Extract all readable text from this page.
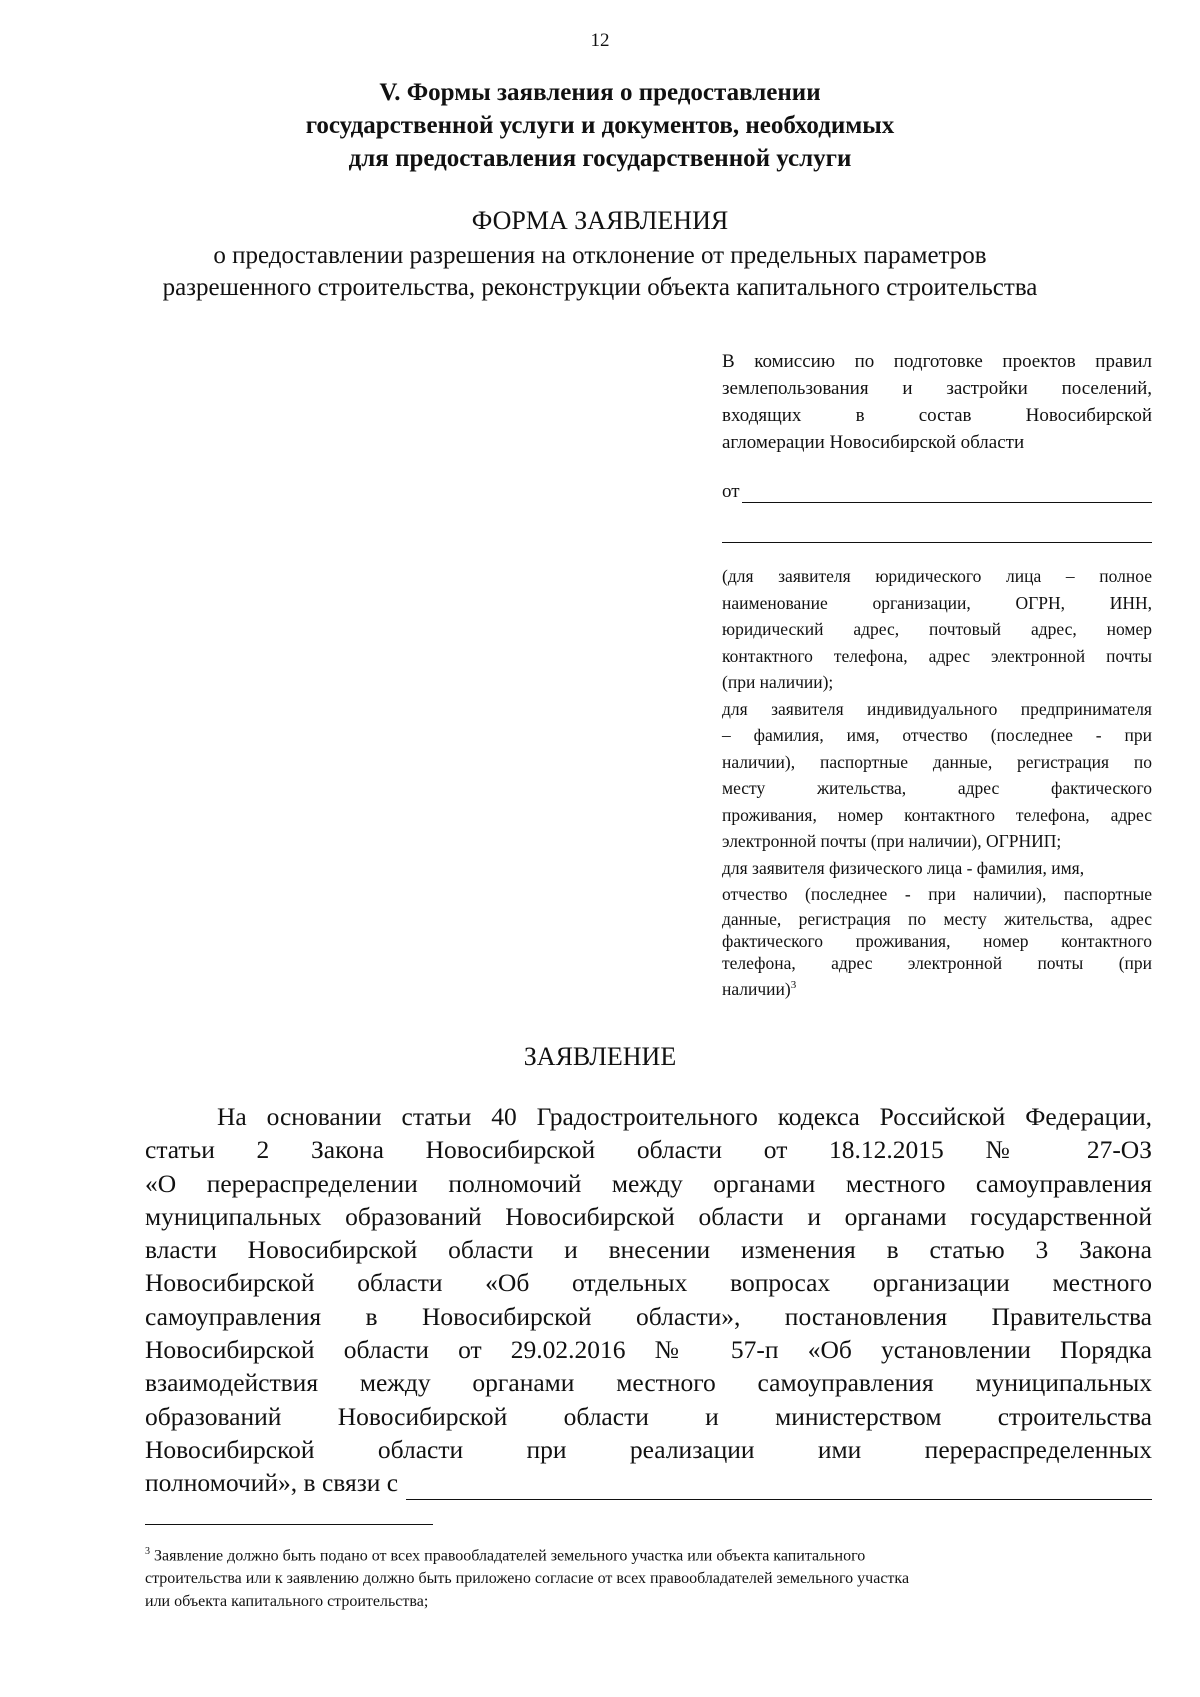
12
V. Формы заявления о предоставлении
государственной услуги и документов, необходимых
для предоставления государственной услуги
ФОРМА ЗАЯВЛЕНИЯ
о предоставлении разрешения на отклонение от предельных параметров
разрешенного строительства, реконструкции объекта капитального строительства
В комиссию по подготовке проектов правил
землепользования и застройки поселений,
входящих в состав Новосибирской
агломерации Новосибирской области
от
(для заявителя юридического лица – полное
наименование организации, ОГРН, ИНН,
юридический адрес, почтовый адрес, номер
контактного телефона, адрес электронной почты
(при наличии);
для заявителя индивидуального предпринимателя
– фамилия, имя, отчество (последнее - при
наличии), паспортные данные, регистрация по
месту жительства, адрес фактического
проживания, номер контактного телефона, адрес
электронной почты (при наличии), ОГРНИП;
для заявителя физического лица - фамилия, имя,
отчество (последнее - при наличии), паспортные
данные, регистрация по месту жительства, адрес
фактического проживания, номер контактного
телефона, адрес электронной почты (при
наличии)$^3$
ЗАЯВЛЕНИЕ
На основании статьи 40 Градостроительного кодекса Российской Федерации,
статьи 2 Закона Новосибирской области от 18.12.2015 № 27-ОЗ
«О перераспределении полномочий между органами местного самоуправления
муниципальных образований Новосибирской области и органами государственной
власти Новосибирской области и внесении изменения в статью 3 Закона
Новосибирской области «Об отдельных вопросах организации местного
самоуправления в Новосибирской области», постановления Правительства
Новосибирской области от 29.02.2016 № 57-п «Об установлении Порядка
взаимодействия между органами местного самоуправления муниципальных
образований Новосибирской области и министерством строительства
Новосибирской области при реализации ими перераспределенных
полномочий», в связи с
$^3$ Заявление должно быть подано от всех правообладателей земельного участка или объекта капитального
строительства или к заявлению должно быть приложено согласие от всех правообладателей земельного участка
или объекта капитального строительства;
